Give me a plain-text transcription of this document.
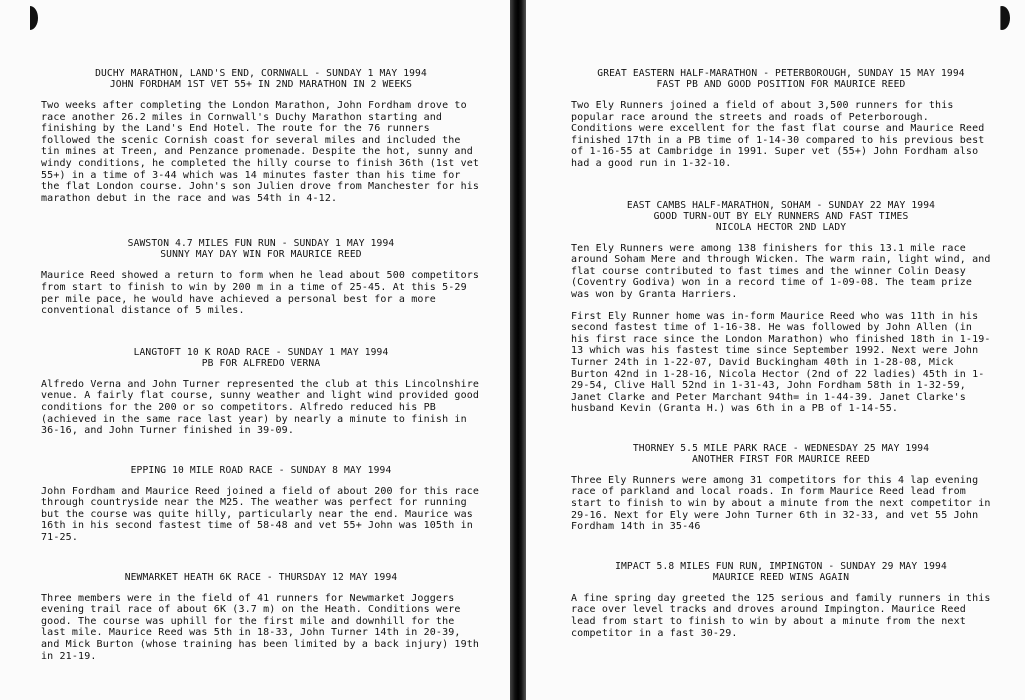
DUCHY MARATHON, LAND'S END, CORNWALL - SUNDAY 1 MAY 1994

JOHN FORDHAM 1ST VET 55+ IN 2ND MARATHON IN 2 WEEKS

Two weeks after completing the London Marathon, John Fordham drove to race another 26.2 miles in Cornwall's Duchy Marathon starting and finishing by the Land's End Hotel. The route for the 76 runners followed the scenic Cornish coast for several miles and included the tin mines at Treen, and Penzance promenade. Despite the hot, sunny and windy conditions, he completed the hilly course to finish 36th (1st vet 55+) in a time of 3-44 which was 14 minutes faster than his time for the flat London course. John's son Julien drove from Manchester for his marathon debut in the race and was 54th in 4-12.

SAWSTON 4.7 MILES FUN RUN - SUNDAY 1 MAY 1994

SUNNY MAY DAY WIN FOR MAURICE REED

Maurice Reed showed a return to form when he lead about 500 competitors from start to finish to win by 200 m in a time of 25-45. At this 5-29 per mile pace, he would have achieved a personal best for a more conventional distance of 5 miles.

LANGTOFT 10 K ROAD RACE - SUNDAY 1 MAY 1994

PB FOR ALFREDO VERNA

Alfredo Verna and John Turner represented the club at this Lincolnshire venue. A fairly flat course, sunny weather and light wind provided good conditions for the 200 or so competitors. Alfredo reduced his PB (achieved in the same race last year) by nearly a minute to finish in 36-16, and John Turner finished in 39-09.

EPPING 10 MILE ROAD RACE - SUNDAY 8 MAY 1994

John Fordham and Maurice Reed joined a field of about 200 for this race through countryside near the M25. The weather was perfect for running but the course was quite hilly, particularly near the end. Maurice was 16th in his second fastest time of 58-48 and vet 55+ John was 105th in 71-25.

NEWMARKET HEATH 6K RACE - THURSDAY 12 MAY 1994

Three members were in the field of 41 runners for Newmarket Joggers evening trail race of about 6K (3.7 m) on the Heath. Conditions were good. The course was uphill for the first mile and downhill for the last mile. Maurice Reed was 5th in 18-33, John Turner 14th in 20-39, and Mick Burton (whose training has been limited by a back injury) 19th in 21-19.

GREAT EASTERN HALF-MARATHON - PETERBOROUGH, SUNDAY 15 MAY 1994

FAST PB AND GOOD POSITION FOR MAURICE REED

Two Ely Runners joined a field of about 3,500 runners for this popular race around the streets and roads of Peterborough. Conditions were excellent for the fast flat course and Maurice Reed finished 17th in a PB time of 1-14-30 compared to his previous best of 1-16-55 at Cambridge in 1991. Super vet (55+) John Fordham also had a good run in 1-32-10.

EAST CAMBS HALF-MARATHON, SOHAM - SUNDAY 22 MAY 1994

GOOD TURN-OUT BY ELY RUNNERS AND FAST TIMES

NICOLA HECTOR 2ND LADY

Ten Ely Runners were among 138 finishers for this 13.1 mile race around Soham Mere and through Wicken. The warm rain, light wind, and flat course contributed to fast times and the winner Colin Deasy (Coventry Godiva) won in a record time of 1-09-08. The team prize was won by Granta Harriers.

First Ely Runner home was in-form Maurice Reed who was 11th in his second fastest time of 1-16-38. He was followed by John Allen (in his first race since the London Marathon) who finished 18th in 1-19-13 which was his fastest time since September 1992. Next were John Turner 24th in 1-22-07, David Buckingham 40th in 1-28-08, Mick Burton 42nd in 1-28-16, Nicola Hector (2nd of 22 ladies) 45th in 1-29-54, Clive Hall 52nd in 1-31-43, John Fordham 58th in 1-32-59, Janet Clarke and Peter Marchant 94th= in 1-44-39. Janet Clarke's husband Kevin (Granta H.) was 6th in a PB of 1-14-55.

THORNEY 5.5 MILE PARK RACE - WEDNESDAY 25 MAY 1994

ANOTHER FIRST FOR MAURICE REED

Three Ely Runners were among 31 competitors for this 4 lap evening race of parkland and local roads. In form Maurice Reed lead from start to finish to win by about a minute from the next competitor in 29-16. Next for Ely were John Turner 6th in 32-33, and vet 55 John Fordham 14th in 35-46

IMPACT 5.8 MILES FUN RUN, IMPINGTON - SUNDAY 29 MAY 1994

MAURICE REED WINS AGAIN

A fine spring day greeted the 125 serious and family runners in this race over level tracks and droves around Impington. Maurice Reed lead from start to finish to win by about a minute from the next competitor in a fast 30-29.
